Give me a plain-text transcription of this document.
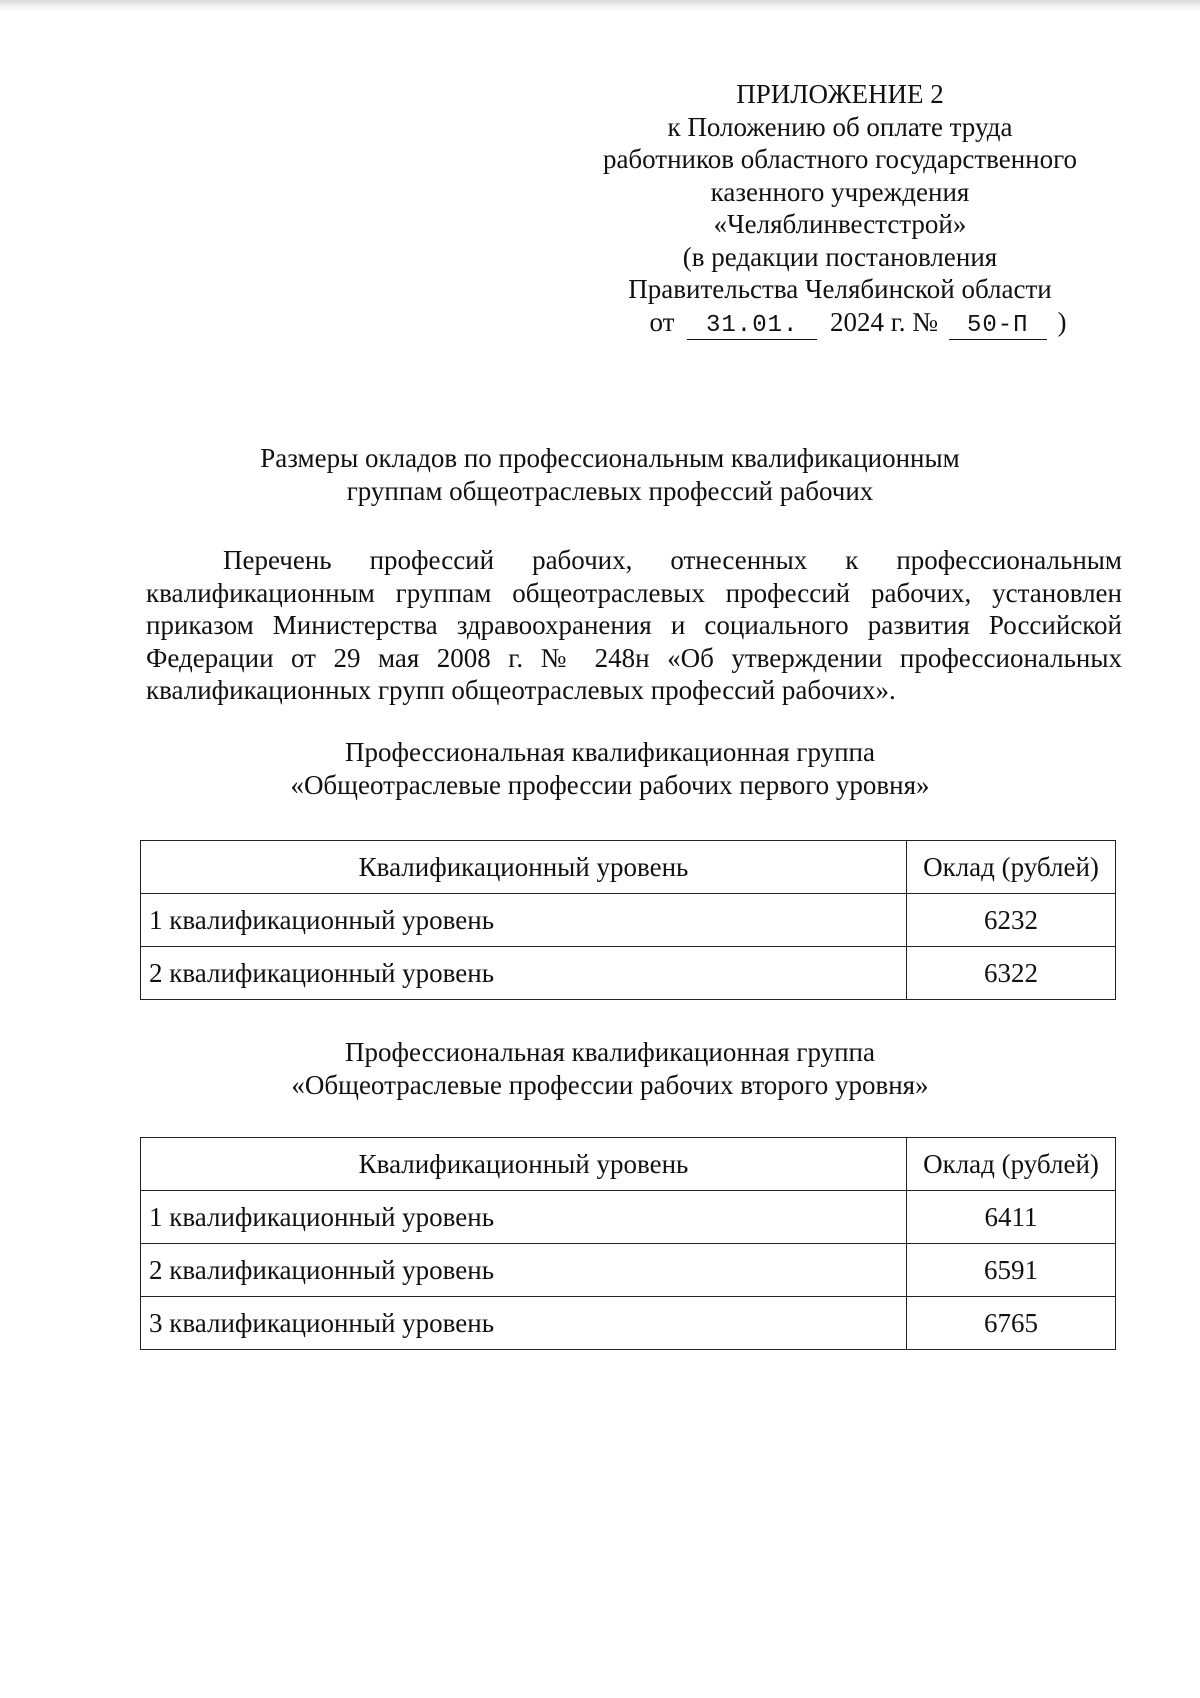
ПРИЛОЖЕНИЕ 2
к Положению об оплате труда
работников областного государственного
казенного учреждения
«Челяблинвестстрой»
(в редакции постановления
Правительства Челябинской области
от 31.01. 2024 г. № 50-П )
Размеры окладов по профессиональным квалификационным
группам общеотраслевых профессий рабочих
Перечень профессий рабочих, отнесенных к профессиональным квалификационным группам общеотраслевых профессий рабочих, установлен приказом Министерства здравоохранения и социального развития Российской Федерации от 29 мая 2008 г. № 248н «Об утверждении профессиональных квалификационных групп общеотраслевых профессий рабочих».
Профессиональная квалификационная группа
«Общеотраслевые профессии рабочих первого уровня»
Квалификационный уровень	Оклад (рублей)
1 квалификационный уровень	6232
2 квалификационный уровень	6322
Профессиональная квалификационная группа
«Общеотраслевые профессии рабочих второго уровня»
Квалификационный уровень	Оклад (рублей)
1 квалификационный уровень	6411
2 квалификационный уровень	6591
3 квалификационный уровень	6765
